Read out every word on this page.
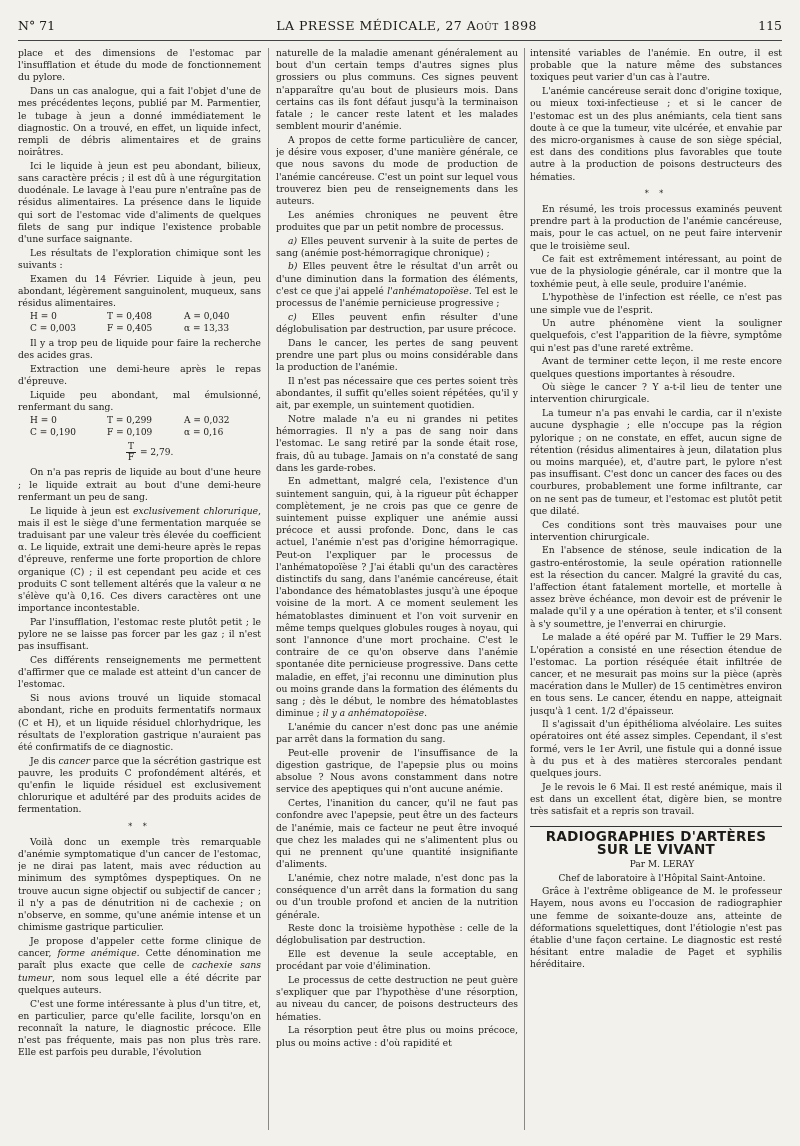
N° 71	LA PRESSE MÉDICALE, 27 Août 1898	115

place et des dimensions de l'estomac par l'insufflation et étude du mode de fonctionnement du pylore.

Dans un cas analogue, qui a fait l'objet d'une de mes précédentes leçons, publié par M. Parmentier, le tubage à jeun a donné immédiatement le diagnostic. On a trouvé, en effet, un liquide infect, rempli de débris alimentaires et de grains noirâtres.

Ici le liquide à jeun est peu abondant, bilieux, sans caractère précis ; il est dû à une régurgitation duodénale. Le lavage à l'eau pure n'entraîne pas de résidus alimentaires. La présence dans le liquide qui sort de l'estomac vide d'aliments de quelques filets de sang pur indique l'existence probable d'une surface saignante.

Les résultats de l'exploration chimique sont les suivants :

Examen du 14 Février. Liquide à jeun, peu abondant, légèrement sanguinolent, muqueux, sans résidus alimentaires.

H = 0	T = 0,408	A = 0,040
C = 0,003	F = 0,405	α = 13,33

Il y a trop peu de liquide pour faire la recherche des acides gras.

Extraction une demi-heure après le repas d'épreuve.

Liquide peu abondant, mal émulsionné, renfermant du sang.

H = 0	T = 0,299	A = 0,032
C = 0,190	F = 0,109	α = 0,16
$\frac{T}{F} = 2,79$.

On n'a pas repris de liquide au bout d'une heure ; le liquide extrait au bout d'une demi-heure renfermant un peu de sang.

Le liquide à jeun est exclusivement chlorurique, mais il est le siège d'une fermentation marquée se traduisant par une valeur très élevée du coefficient α. Le liquide, extrait une demi-heure après le repas d'épreuve, renferme une forte proportion de chlore organique (C) ; il est cependant peu acide et ces produits C sont tellement altérés que la valeur α ne s'élève qu'à 0,16. Ces divers caractères ont une importance incontestable.

Par l'insufflation, l'estomac reste plutôt petit ; le pylore ne se laisse pas forcer par les gaz ; il n'est pas insuffisant.

Ces différents renseignements me permettent d'affirmer que ce malade est atteint d'un cancer de l'estomac.

Si nous avions trouvé un liquide stomacal abondant, riche en produits fermentatifs normaux (C et H), et un liquide résiduel chlorhydrique, les résultats de l'exploration gastrique n'auraient pas été confirmatifs de ce diagnostic.

Je dis cancer parce que la sécrétion gastrique est pauvre, les produits C profondément altérés, et qu'enfin le liquide résiduel est exclusivement chlorurique et adultéré par des produits acides de fermentation.

* *

Voilà donc un exemple très remarquable d'anémie symptomatique d'un cancer de l'estomac, je ne dirai pas latent, mais avec réduction au minimum des symptômes dyspeptiques. On ne trouve aucun signe objectif ou subjectif de cancer ; il n'y a pas de dénutrition ni de cachexie ; on n'observe, en somme, qu'une anémie intense et un chimisme gastrique particulier.

Je propose d'appeler cette forme clinique de cancer, forme anémique. Cette dénomination me paraît plus exacte que celle de cachexie sans tumeur, nom sous lequel elle a été décrite par quelques auteurs.

C'est une forme intéressante à plus d'un titre, et, en particulier, parce qu'elle facilite, lorsqu'on en reconnaît la nature, le diagnostic précoce. Elle n'est pas fréquente, mais pas non plus très rare. Elle est parfois peu durable, l'évolution

naturelle de la maladie amenant généralement au bout d'un certain temps d'autres signes plus grossiers ou plus communs. Ces signes peuvent n'apparaître qu'au bout de plusieurs mois. Dans certains cas ils font défaut jusqu'à la terminaison fatale ; le cancer reste latent et les malades semblent mourir d'anémie.

A propos de cette forme particulière de cancer, je désire vous exposer, d'une manière générale, ce que nous savons du mode de production de l'anémie cancéreuse. C'est un point sur lequel vous trouverez bien peu de renseignements dans les auteurs.

Les anémies chroniques ne peuvent être produites que par un petit nombre de processus.

a) Elles peuvent survenir à la suite de pertes de sang (anémie post-hémorragique chronique) ;

b) Elles peuvent être le résultat d'un arrêt ou d'une diminution dans la formation des éléments, c'est ce que j'ai appelé l'anhématopoïèse. Tel est le processus de l'anémie pernicieuse progressive ;

c) Elles peuvent enfin résulter d'une déglobulisation par destruction, par usure précoce.

Dans le cancer, les pertes de sang peuvent prendre une part plus ou moins considérable dans la production de l'anémie.

Il n'est pas nécessaire que ces pertes soient très abondantes, il suffit qu'elles soient répétées, qu'il y ait, par exemple, un suintement quotidien.

Notre malade n'a eu ni grandes ni petites hémorragies. Il n'y a pas de sang noir dans l'estomac. Le sang retiré par la sonde était rose, frais, dû au tubage. Jamais on n'a constaté de sang dans les garde-robes.

En admettant, malgré cela, l'existence d'un suintement sanguin, qui, à la rigueur pût échapper complètement, je ne crois pas que ce genre de suintement puisse expliquer une anémie aussi précoce et aussi profonde. Donc, dans le cas actuel, l'anémie n'est pas d'origine hémorragique. Peut-on l'expliquer par le processus de l'anhématopoïèse ? J'ai établi qu'un des caractères distinctifs du sang, dans l'anémie cancéreuse, était l'abondance des hématoblastes jusqu'à une époque voisine de la mort. A ce moment seulement les hématoblastes diminuent et l'on voit survenir en même temps quelques globules rouges à noyau, qui sont l'annonce d'une mort prochaine. C'est le contraire de ce qu'on observe dans l'anémie spontanée dite pernicieuse progressive. Dans cette maladie, en effet, j'ai reconnu une diminution plus ou moins grande dans la formation des éléments du sang ; dès le début, le nombre des hématoblastes diminue ; il y a anhématopoïèse.

L'anémie du cancer n'est donc pas une anémie par arrêt dans la formation du sang.

Peut-elle provenir de l'insuffisance de la digestion gastrique, de l'apepsie plus ou moins absolue ? Nous avons constamment dans notre service des apeptiques qui n'ont aucune anémie.

Certes, l'inanition du cancer, qu'il ne faut pas confondre avec l'apepsie, peut être un des facteurs de l'anémie, mais ce facteur ne peut être invoqué que chez les malades qui ne s'alimentent plus ou qui ne prennent qu'une quantité insignifiante d'aliments.

L'anémie, chez notre malade, n'est donc pas la conséquence d'un arrêt dans la formation du sang ou d'un trouble profond et ancien de la nutrition générale.

Reste donc la troisième hypothèse : celle de la déglobulisation par destruction.

Elle est devenue la seule acceptable, en procédant par voie d'élimination.

Le processus de cette destruction ne peut guère s'expliquer que par l'hypothèse d'une résorption, au niveau du cancer, de poisons destructeurs des hématies.

La résorption peut être plus ou moins précoce, plus ou moins active : d'où rapidité et

intensité variables de l'anémie. En outre, il est probable que la nature même des substances toxiques peut varier d'un cas à l'autre.

L'anémie cancéreuse serait donc d'origine toxique, ou mieux toxi-infectieuse ; et si le cancer de l'estomac est un des plus anémiants, cela tient sans doute à ce que la tumeur, vite ulcérée, et envahie par des micro-organismes à cause de son siège spécial, est dans des conditions plus favorables que toute autre à la production de poisons destructeurs des hématies.

* *

En résumé, les trois processus examinés peuvent prendre part à la production de l'anémie cancéreuse, mais, pour le cas actuel, on ne peut faire intervenir que le troisième seul.

Ce fait est extrêmement intéressant, au point de vue de la physiologie générale, car il montre que la toxhémie peut, à elle seule, produire l'anémie.

L'hypothèse de l'infection est réelle, ce n'est pas une simple vue de l'esprit.

Un autre phénomène vient la souligner quelquefois, c'est l'apparition de la fièvre, symptôme qui n'est pas d'une rareté extrême.

Avant de terminer cette leçon, il me reste encore quelques questions importantes à résoudre.

Où siège le cancer ? Y a-t-il lieu de tenter une intervention chirurgicale.

La tumeur n'a pas envahi le cardia, car il n'existe aucune dysphagie ; elle n'occupe pas la région pylorique ; on ne constate, en effet, aucun signe de rétention (résidus alimentaires à jeun, dilatation plus ou moins marquée), et, d'autre part, le pylore n'est pas insuffisant. C'est donc un cancer des faces ou des courbures, probablement une forme infiltrante, car on ne sent pas de tumeur, et l'estomac est plutôt petit que dilaté.

Ces conditions sont très mauvaises pour une intervention chirurgicale.

En l'absence de sténose, seule indication de la gastro-entérostomie, la seule opération rationnelle est la résection du cancer. Malgré la gravité du cas, l'affection étant fatalement mortelle, et mortelle à assez brève échéance, mon devoir est de prévenir le malade qu'il y a une opération à tenter, et s'il consent à s'y soumettre, je l'enverrai en chirurgie.

Le malade a été opéré par M. Tuffier le 29 Mars. L'opération a consisté en une résection étendue de l'estomac. La portion réséquée était infiltrée de cancer, et ne mesurait pas moins sur la pièce (après macération dans le Muller) de 15 centimètres environ en tous sens. Le cancer, étendu en nappe, atteignait jusqu'à 1 cent. 1/2 d'épaisseur.

Il s'agissait d'un épithélioma alvéolaire. Les suites opératoires ont été assez simples. Cependant, il s'est formé, vers le 1er Avril, une fistule qui a donné issue à du pus et à des matières stercorales pendant quelques jours.

Je le revois le 6 Mai. Il est resté anémique, mais il est dans un excellent état, digère bien, se montre très satisfait et a repris son travail.

RADIOGRAPHIES D'ARTÈRES SUR LE VIVANT

Par M. LERAY

Chef de laboratoire à l'Hôpital Saint-Antoine.

Grâce à l'extrême obligeance de M. le professeur Hayem, nous avons eu l'occasion de radiographier une femme de soixante-douze ans, atteinte de déformations squelettiques, dont l'étiologie n'est pas établie d'une façon certaine. Le diagnostic est resté hésitant entre maladie de Paget et syphilis héréditaire.
